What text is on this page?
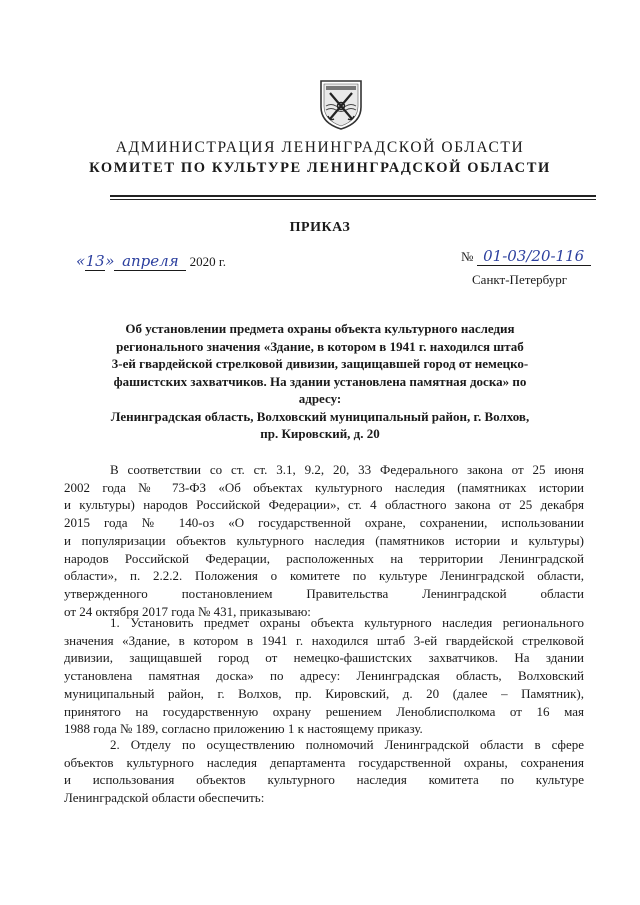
АДМИНИСТРАЦИЯ ЛЕНИНГРАДСКОЙ ОБЛАСТИ
КОМИТЕТ ПО КУЛЬТУРЕ ЛЕНИНГРАДСКОЙ ОБЛАСТИ
ПРИКАЗ
«13» апреля 2020 г.	№ 01-03/20-116
Санкт-Петербург

Об установлении предмета охраны объекта культурного наследия

регионального значения «Здание, в котором в 1941 г. находился штаб

3-ей гвардейской стрелковой дивизии, защищавшей город от немецко-

фашистских захватчиков. На здании установлена памятная доска» по адресу:

Ленинградская область, Волховский муниципальный район, г. Волхов,

пр. Кировский, д. 20

В соответствии со ст. ст. 3.1, 9.2, 20, 33 Федерального закона от 25 июня

2002 года № 73-ФЗ «Об объектах культурного наследия (памятниках истории

и культуры) народов Российской Федерации», ст. 4 областного закона от 25 декабря

2015 года № 140-оз «О государственной охране, сохранении, использовании

и популяризации объектов культурного наследия (памятников истории и культуры)

народов Российской Федерации, расположенных на территории Ленинградской

области», п. 2.2.2. Положения о комитете по культуре Ленинградской области,

утвержденного постановлением Правительства Ленинградской области

от 24 октября 2017 года № 431, приказываю:

1. Установить предмет охраны объекта культурного наследия регионального

значения «Здание, в котором в 1941 г. находился штаб 3-ей гвардейской стрелковой

дивизии, защищавшей город от немецко-фашистских захватчиков. На здании

установлена памятная доска» по адресу: Ленинградская область, Волховский

муниципальный район, г. Волхов, пр. Кировский, д. 20 (далее – Памятник),

принятого на государственную охрану решением Леноблисполкома от 16 мая

1988 года № 189, согласно приложению 1 к настоящему приказу.

2. Отделу по осуществлению полномочий Ленинградской области в сфере

объектов культурного наследия департамента государственной охраны, сохранения

и использования объектов культурного наследия комитета по культуре

Ленинградской области обеспечить:
